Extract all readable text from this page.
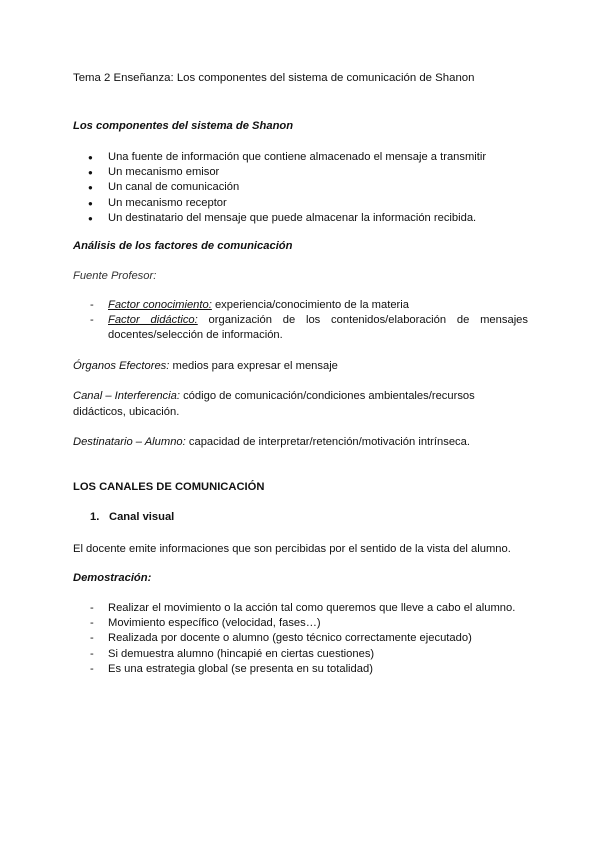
Tema 2 Enseñanza: Los componentes del sistema de comunicación de Shanon
Los componentes del sistema de Shanon
● Una fuente de información que contiene almacenado el mensaje a transmitir
● Un mecanismo emisor
● Un canal de comunicación
● Un mecanismo receptor
● Un destinatario del mensaje que puede almacenar la información recibida.
Análisis de los factores de comunicación
Fuente Profesor:
- Factor conocimiento: experiencia/conocimiento de la materia
- Factor didáctico: organización de los contenidos/elaboración de mensajes docentes/selección de información.
Órganos Efectores: medios para expresar el mensaje
Canal – Interferencia: código de comunicación/condiciones ambientales/recursos didácticos, ubicación.
Destinatario – Alumno: capacidad de interpretar/retención/motivación intrínseca.
LOS CANALES DE COMUNICACIÓN
1. Canal visual
El docente emite informaciones que son percibidas por el sentido de la vista del alumno.
Demostración:
- Realizar el movimiento o la acción tal como queremos que lleve a cabo el alumno.
- Movimiento específico (velocidad, fases…)
- Realizada por docente o alumno (gesto técnico correctamente ejecutado)
- Si demuestra alumno (hincapié en ciertas cuestiones)
- Es una estrategia global (se presenta en su totalidad)
